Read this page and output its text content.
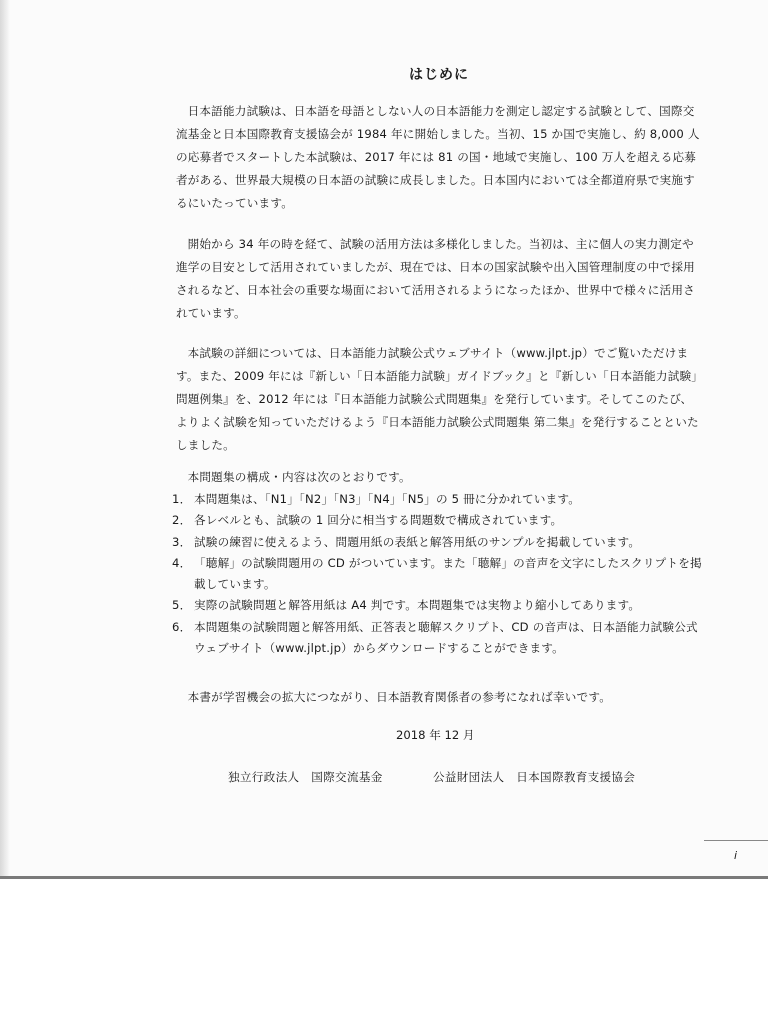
はじめに

日本語能力試験は、日本語を母語としない人の日本語能力を測定し認定する試験として、国際交流基金と日本国際教育支援協会が 1984 年に開始しました。当初、15 か国で実施し、約 8,000 人の応募者でスタートした本試験は、2017 年には 81 の国・地域で実施し、100 万人を超える応募者がある、世界最大規模の日本語の試験に成長しました。日本国内においては全都道府県で実施するにいたっています。

開始から 34 年の時を経て、試験の活用方法は多様化しました。当初は、主に個人の実力測定や進学の目安として活用されていましたが、現在では、日本の国家試験や出入国管理制度の中で採用されるなど、日本社会の重要な場面において活用されるようになったほか、世界中で様々に活用されています。

本試験の詳細については、日本語能力試験公式ウェブサイト（www.jlpt.jp）でご覧いただけます。また、2009 年には『新しい「日本語能力試験」ガイドブック』と『新しい「日本語能力試験」問題例集』を、2012 年には『日本語能力試験公式問題集』を発行しています。そしてこのたび、よりよく試験を知っていただけるよう『日本語能力試験公式問題集 第二集』を発行することといたしました。

本問題集の構成・内容は次のとおりです。

1． 本問題集は、「N1」「N2」「N3」「N4」「N5」の 5 冊に分かれています。
2． 各レベルとも、試験の 1 回分に相当する問題数で構成されています。
3． 試験の練習に使えるよう、問題用紙の表紙と解答用紙のサンプルを掲載しています。
4． 「聴解」の試験問題用の CD がついています。また「聴解」の音声を文字にしたスクリプトを掲載しています。
5． 実際の試験問題と解答用紙は A4 判です。本問題集では実物より縮小してあります。
6． 本問題集の試験問題と解答用紙、正答表と聴解スクリプト、CD の音声は、日本語能力試験公式ウェブサイト（www.jlpt.jp）からダウンロードすることができます。

本書が学習機会の拡大につながり、日本語教育関係者の参考になれば幸いです。

2018 年 12 月
独立行政法人　国際交流基金	公益財団法人　日本国際教育支援協会
i
